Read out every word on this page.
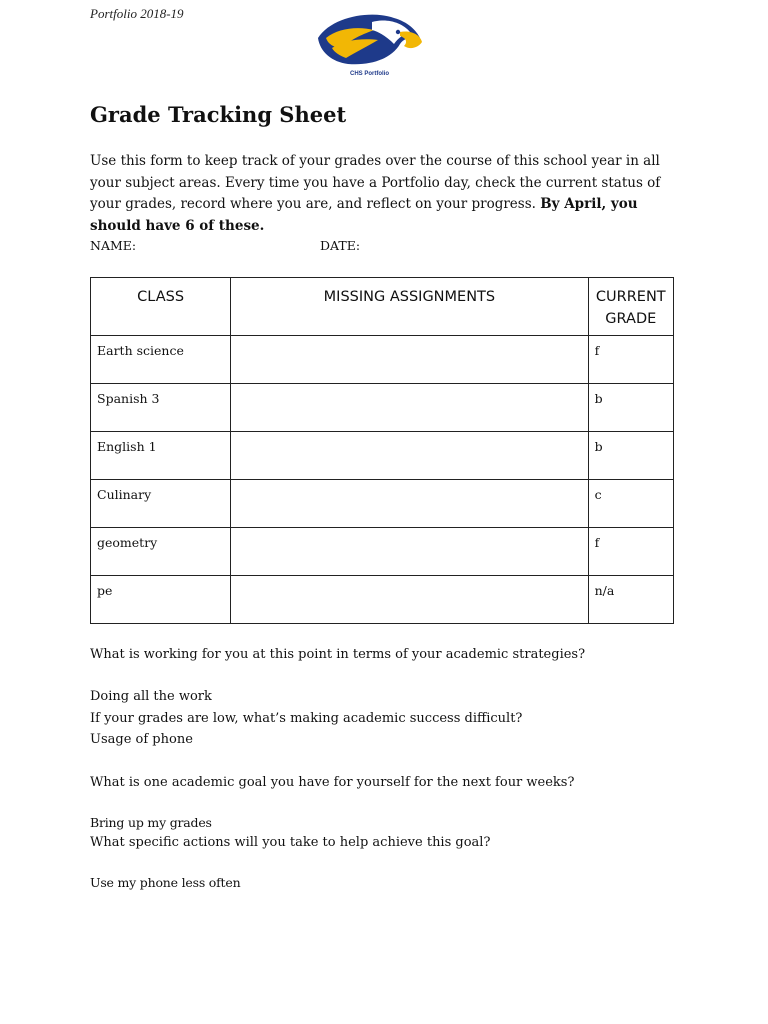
Portfolio 2018-19
CHS Portfolio
Grade Tracking Sheet
Use this form to keep track of your grades over the course of this school year in all your subject areas. Every time you have a Portfolio day, check the current status of your grades, record where you are, and reflect on your progress. By April, you should have 6 of these.
NAME:	DATE:
CLASS	MISSING ASSIGNMENTS	CURRENT GRADE
Earth science		f
Spanish 3		b
English 1		b
Culinary		c
geometry		f
pe		n/a
What is working for you at this point in terms of your academic strategies?
Doing all the work
If your grades are low, what’s making academic success difficult?
Usage of phone
What is one academic goal you have for yourself for the next four weeks?
Bring up my grades
What specific actions will you take to help achieve this goal?
Use my phone less often
